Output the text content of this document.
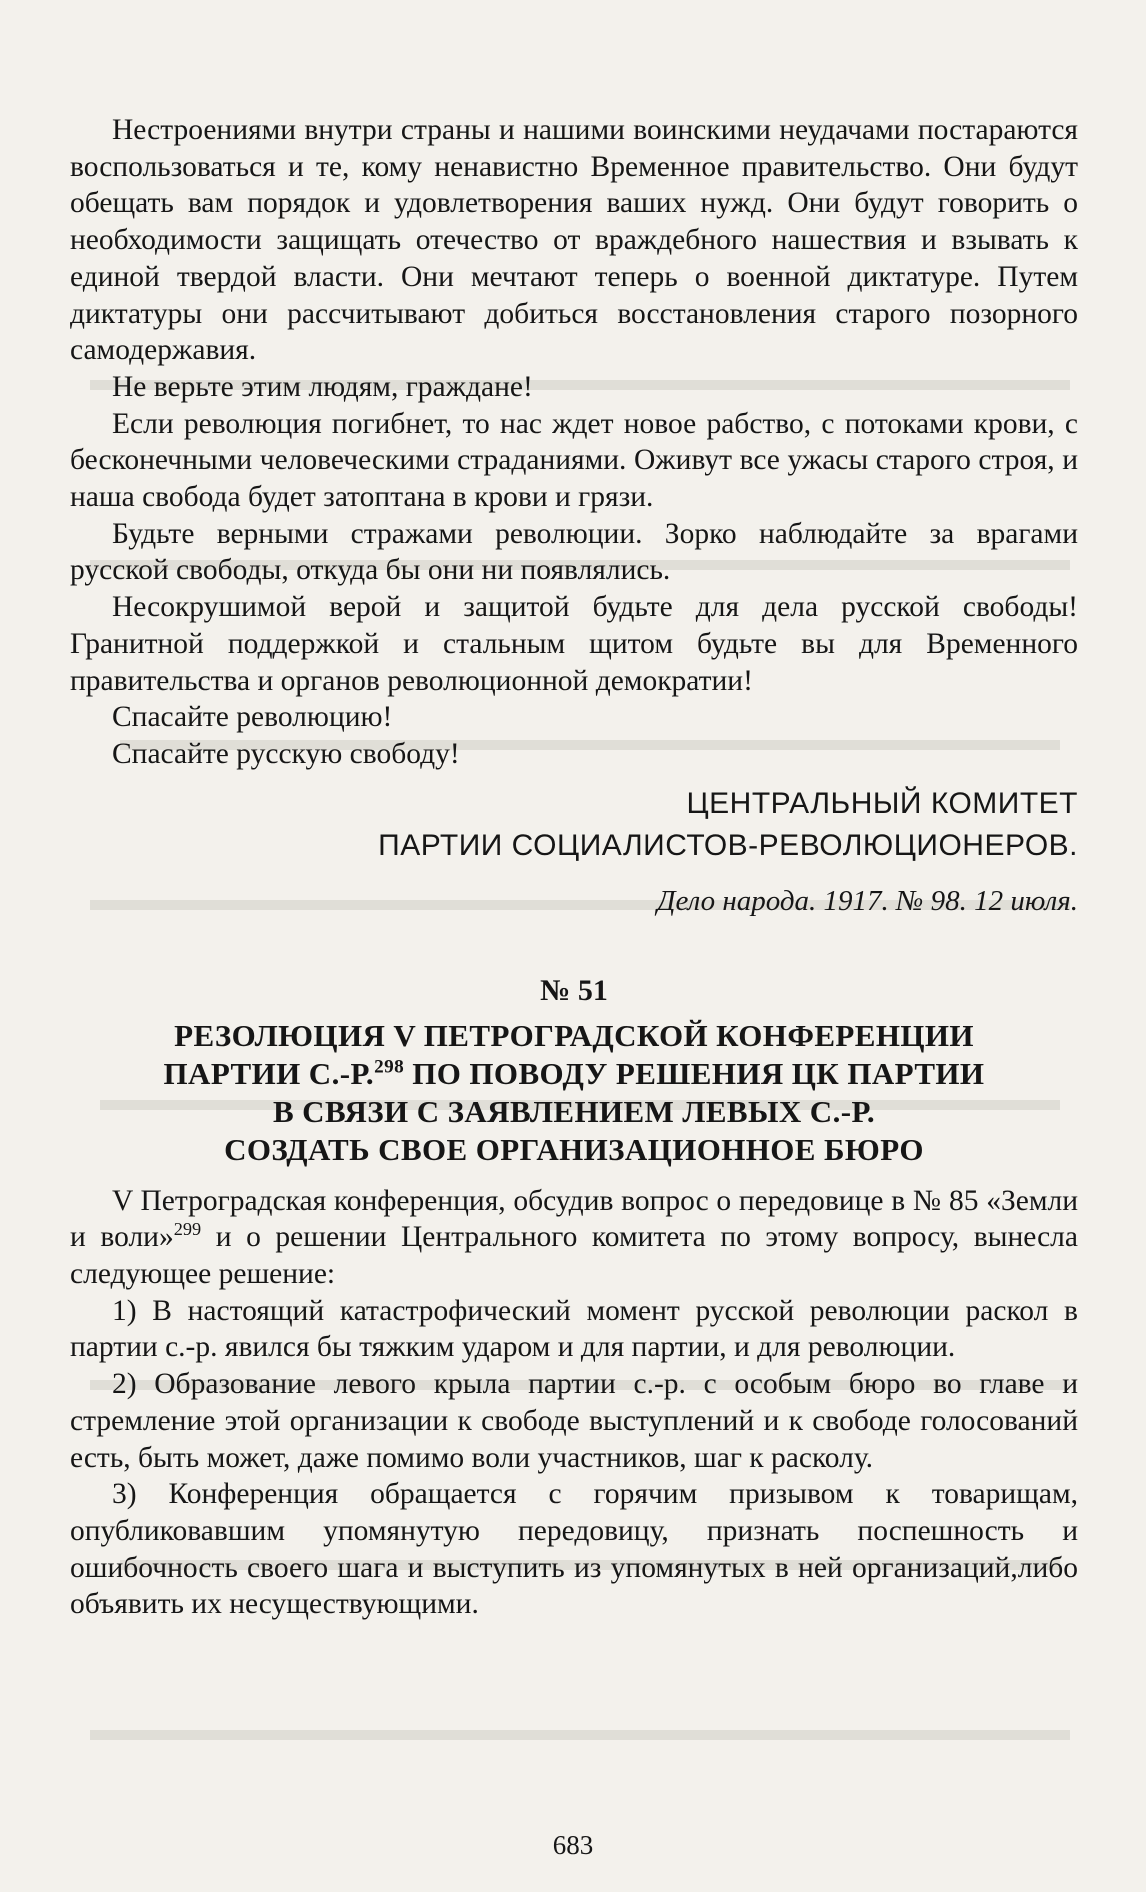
Нестроениями внутри страны и нашими воинскими неудачами постараются воспользоваться и те, кому ненавистно Временное правительство. Они будут обещать вам порядок и удовлетворения ваших нужд. Они будут говорить о необходимости защищать отечество от враждебного нашествия и взывать к единой твердой власти. Они мечтают теперь о военной диктатуре. Путем диктатуры они рассчитывают добиться восстановления старого позорного самодержавия.

Не верьте этим людям, граждане!

Если революция погибнет, то нас ждет новое рабство, с потоками крови, с бесконечными человеческими страданиями. Оживут все ужасы старого строя, и наша свобода будет затоптана в крови и грязи.

Будьте верными стражами революции. Зорко наблюдайте за врагами русской свободы, откуда бы они ни появлялись.

Несокрушимой верой и защитой будьте для дела русской свободы! Гранитной поддержкой и стальным щитом будьте вы для Временного правительства и органов революционной демократии!

Спасайте революцию!

Спасайте русскую свободу!

ЦЕНТРАЛЬНЫЙ КОМИТЕТ
ПАРТИИ СОЦИАЛИСТОВ-РЕВОЛЮЦИОНЕРОВ.
Дело народа. 1917. № 98. 12 июля.
№ 51
РЕЗОЛЮЦИЯ V ПЕТРОГРАДСКОЙ КОНФЕРЕНЦИИ
ПАРТИИ С.-Р.$^{298}$ ПО ПОВОДУ РЕШЕНИЯ ЦК ПАРТИИ
В СВЯЗИ С ЗАЯВЛЕНИЕМ ЛЕВЫХ С.-Р.
СОЗДАТЬ СВОЕ ОРГАНИЗАЦИОННОЕ БЮРО

V Петроградская конференция, обсудив вопрос о передовице в № 85 «Земли и воли»$^{299}$ и о решении Центрального комитета по этому вопросу, вынесла следующее решение:

1) В настоящий катастрофический момент русской революции раскол в партии с.-р. явился бы тяжким ударом и для партии, и для революции.

2) Образование левого крыла партии с.-р. с особым бюро во главе и стремление этой организации к свободе выступлений и к свободе голосований есть, быть может, даже помимо воли участников, шаг к расколу.

3) Конференция обращается с горячим призывом к товарищам, опубликовавшим упомянутую передовицу, признать поспешность и ошибочность своего шага и выступить из упомянутых в ней организаций,либо объявить их несуществующими.

683
